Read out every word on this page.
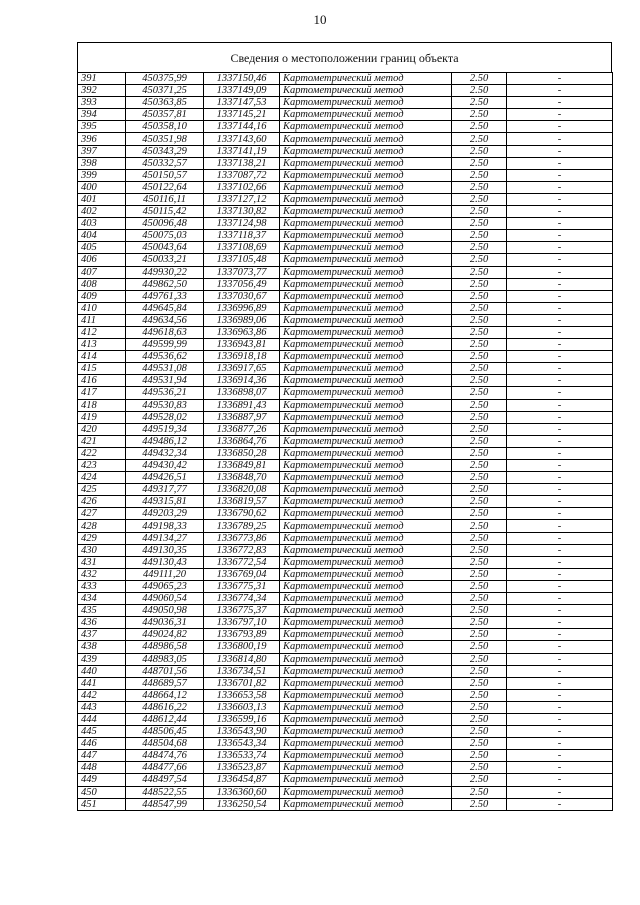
10
Сведения о местоположении границ объекта
391	450375,99	1337150,46	Картометрический метод	2.50	-
392	450371,25	1337149,09	Картометрический метод	2.50	-
393	450363,85	1337147,53	Картометрический метод	2.50	-
394	450357,81	1337145,21	Картометрический метод	2.50	-
395	450358,10	1337144,16	Картометрический метод	2.50	-
396	450351,98	1337143,60	Картометрический метод	2.50	-
397	450343,29	1337141,19	Картометрический метод	2.50	-
398	450332,57	1337138,21	Картометрический метод	2.50	-
399	450150,57	1337087,72	Картометрический метод	2.50	-
400	450122,64	1337102,66	Картометрический метод	2.50	-
401	450116,11	1337127,12	Картометрический метод	2.50	-
402	450115,42	1337130,82	Картометрический метод	2.50	-
403	450096,48	1337124,98	Картометрический метод	2.50	-
404	450075,03	1337118,37	Картометрический метод	2.50	-
405	450043,64	1337108,69	Картометрический метод	2.50	-
406	450033,21	1337105,48	Картометрический метод	2.50	-
407	449930,22	1337073,77	Картометрический метод	2.50	-
408	449862,50	1337056,49	Картометрический метод	2.50	-
409	449761,33	1337030,67	Картометрический метод	2.50	-
410	449645,84	1336996,89	Картометрический метод	2.50	-
411	449634,56	1336989,06	Картометрический метод	2.50	-
412	449618,63	1336963,86	Картометрический метод	2.50	-
413	449599,99	1336943,81	Картометрический метод	2.50	-
414	449536,62	1336918,18	Картометрический метод	2.50	-
415	449531,08	1336917,65	Картометрический метод	2.50	-
416	449531,94	1336914,36	Картометрический метод	2.50	-
417	449536,21	1336898,07	Картометрический метод	2.50	-
418	449530,83	1336891,43	Картометрический метод	2.50	-
419	449528,02	1336887,97	Картометрический метод	2.50	-
420	449519,34	1336877,26	Картометрический метод	2.50	-
421	449486,12	1336864,76	Картометрический метод	2.50	-
422	449432,34	1336850,28	Картометрический метод	2.50	-
423	449430,42	1336849,81	Картометрический метод	2.50	-
424	449426,51	1336848,70	Картометрический метод	2.50	-
425	449317,77	1336820,08	Картометрический метод	2.50	-
426	449315,81	1336819,57	Картометрический метод	2.50	-
427	449203,29	1336790,62	Картометрический метод	2.50	-
428	449198,33	1336789,25	Картометрический метод	2.50	-
429	449134,27	1336773,86	Картометрический метод	2.50	-
430	449130,35	1336772,83	Картометрический метод	2.50	-
431	449130,43	1336772,54	Картометрический метод	2.50	-
432	449111,20	1336769,04	Картометрический метод	2.50	-
433	449065,23	1336775,31	Картометрический метод	2.50	-
434	449060,54	1336774,34	Картометрический метод	2.50	-
435	449050,98	1336775,37	Картометрический метод	2.50	-
436	449036,31	1336797,10	Картометрический метод	2.50	-
437	449024,82	1336793,89	Картометрический метод	2.50	-
438	448986,58	1336800,19	Картометрический метод	2.50	-
439	448983,05	1336814,80	Картометрический метод	2.50	-
440	448701,56	1336734,51	Картометрический метод	2.50	-
441	448689,57	1336701,82	Картометрический метод	2.50	-
442	448664,12	1336653,58	Картометрический метод	2.50	-
443	448616,22	1336603,13	Картометрический метод	2.50	-
444	448612,44	1336599,16	Картометрический метод	2.50	-
445	448506,45	1336543,90	Картометрический метод	2.50	-
446	448504,68	1336543,34	Картометрический метод	2.50	-
447	448474,76	1336533,74	Картометрический метод	2.50	-
448	448477,66	1336523,87	Картометрический метод	2.50	-
449	448497,54	1336454,87	Картометрический метод	2.50	-
450	448522,55	1336360,60	Картометрический метод	2.50	-
451	448547,99	1336250,54	Картометрический метод	2.50	-
